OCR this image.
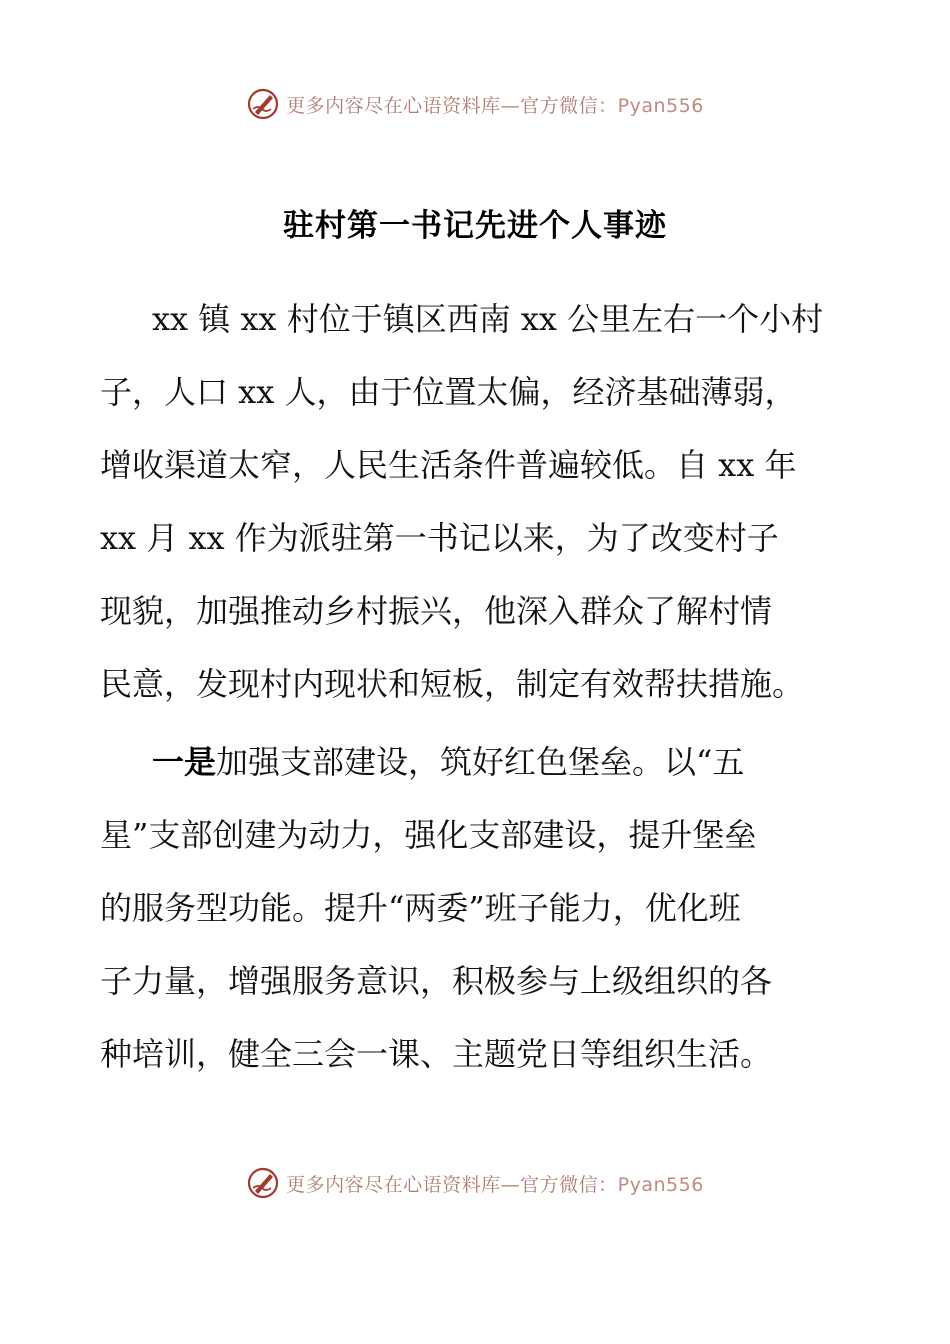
更多内容尽在心语资料库—官方微信：Pyan556
驻村第一书记先进个人事迹
xx 镇 xx 村位于镇区西南 xx 公里左右一个小村
子，人口 xx 人，由于位置太偏，经济基础薄弱，
增收渠道太窄，人民生活条件普遍较低。自 xx 年
xx 月 xx 作为派驻第一书记以来，为了改变村子
现貌，加强推动乡村振兴，他深入群众了解村情
民意，发现村内现状和短板，制定有效帮扶措施。
一是加强支部建设，筑好红色堡垒。以“五
星”支部创建为动力，强化支部建设，提升堡垒
的服务型功能。提升“两委”班子能力，优化班
子力量，增强服务意识，积极参与上级组织的各
种培训，健全三会一课、主题党日等组织生活。
更多内容尽在心语资料库—官方微信：Pyan556
